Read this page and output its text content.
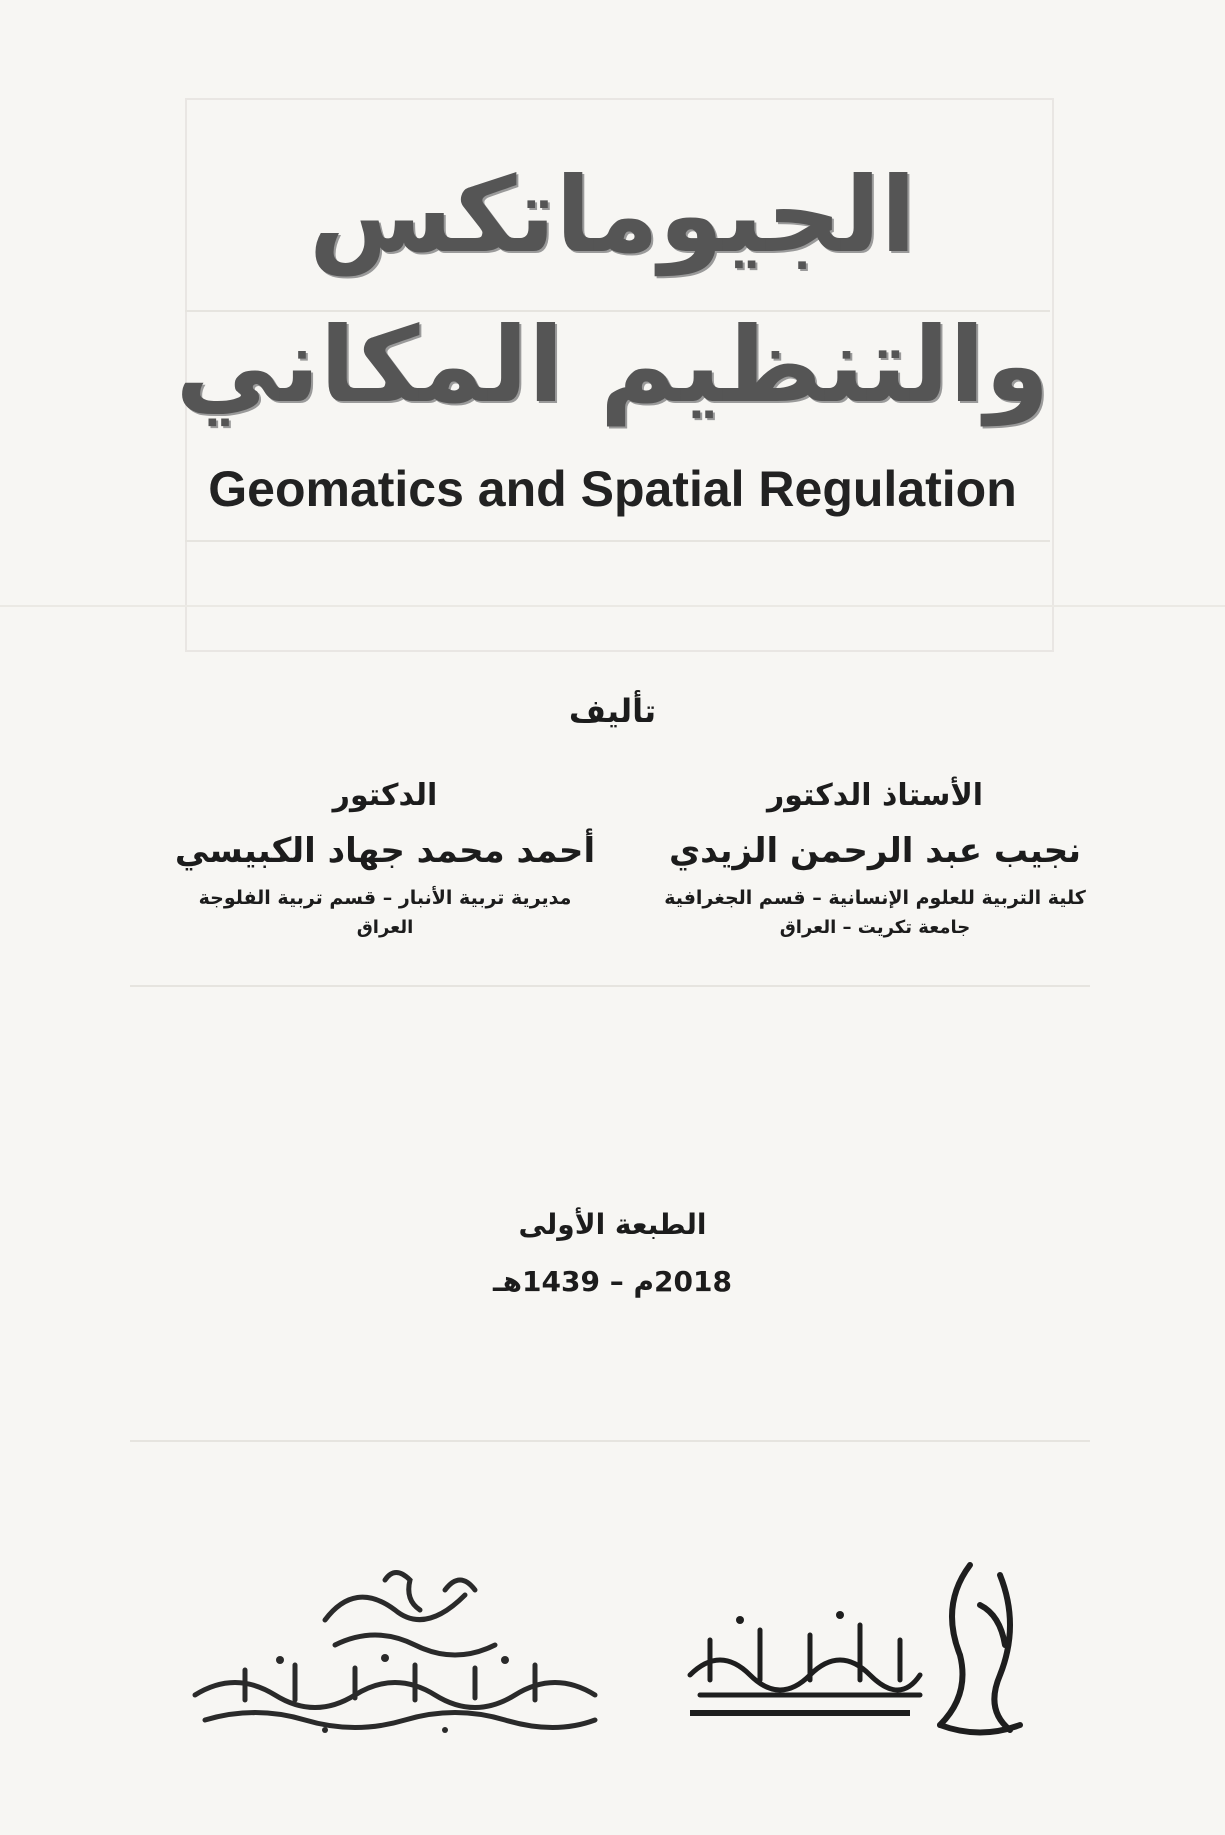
الجيوماتكس
والتنظيم المكاني
Geomatics and Spatial Regulation
تأليف
الأستاذ الدكتور
نجيب عبد الرحمن الزيدي
كلية التربية للعلوم الإنسانية – قسم الجغرافية
جامعة تكريت – العراق
الدكتور
أحمد محمد جهاد الكبيسي
مديرية تربية الأنبار – قسم تربية الفلوجة
العراق
الطبعة الأولى
2018م – 1439هـ
